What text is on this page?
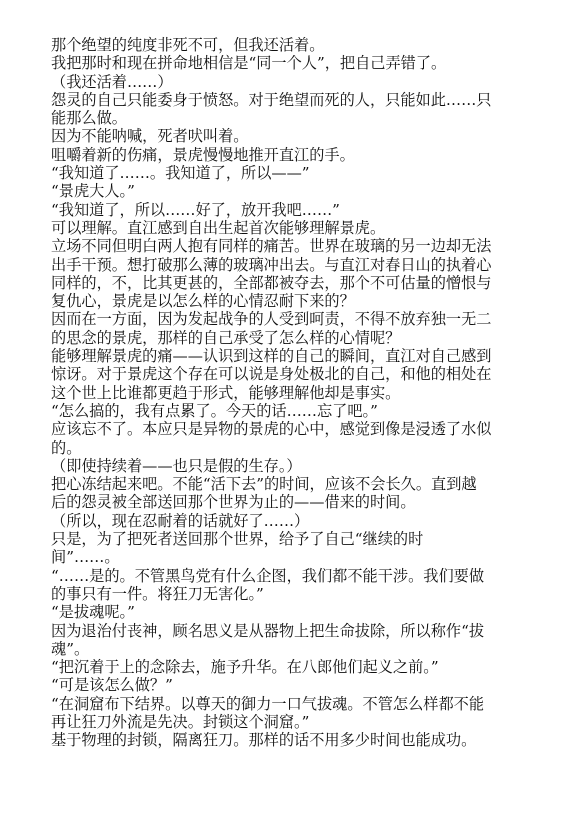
那个绝望的纯度非死不可，但我还活着。
我把那时和现在拼命地相信是“同一个人”，把自己弄错了。
（我还活着……）
怨灵的自己只能委身于愤怒。对于绝望而死的人，只能如此……只
能那么做。
因为不能呐喊，死者吠叫着。
咀嚼着新的伤痛，景虎慢慢地推开直江的手。
“我知道了……。我知道了，所以——”
“景虎大人。”
“我知道了，所以……好了，放开我吧……”
可以理解。直江感到自出生起首次能够理解景虎。
立场不同但明白两人抱有同样的痛苦。世界在玻璃的另一边却无法
出手干预。想打破那么薄的玻璃冲出去。与直江对春日山的执着心
同样的，不，比其更甚的，全部都被夺去，那个不可估量的憎恨与
复仇心，景虎是以怎么样的心情忍耐下来的？
因而在一方面，因为发起战争的人受到呵责，不得不放弃独一无二
的思念的景虎，那样的自己承受了怎么样的心情呢？
能够理解景虎的痛——认识到这样的自己的瞬间，直江对自己感到
惊讶。对于景虎这个存在可以说是身处极北的自己，和他的相处在
这个世上比谁都更趋于形式，能够理解他却是事实。
“怎么搞的，我有点累了。今天的话……忘了吧。”
应该忘不了。本应只是异物的景虎的心中，感觉到像是浸透了水似
的。
（即使持续着——也只是假的生存。）
把心冻结起来吧。不能“活下去”的时间，应该不会长久。直到越
后的怨灵被全部送回那个世界为止的——借来的时间。
（所以，现在忍耐着的话就好了……）
只是，为了把死者送回那个世界，给予了自己“继续的时
间”……。
“……是的。不管黑鸟党有什么企图，我们都不能干涉。我们要做
的事只有一件。将狂刀无害化。”
“是拔魂呢。”
因为退治付丧神，顾名思义是从器物上把生命拔除，所以称作“拔
魂”。
“把沉着于上的念除去，施予升华。在八郎他们起义之前。”
“可是该怎么做？”
“在洞窟布下结界。以尊天的御力一口气拔魂。不管怎么样都不能
再让狂刀外流是先决。封锁这个洞窟。”
基于物理的封锁，隔离狂刀。那样的话不用多少时间也能成功。
